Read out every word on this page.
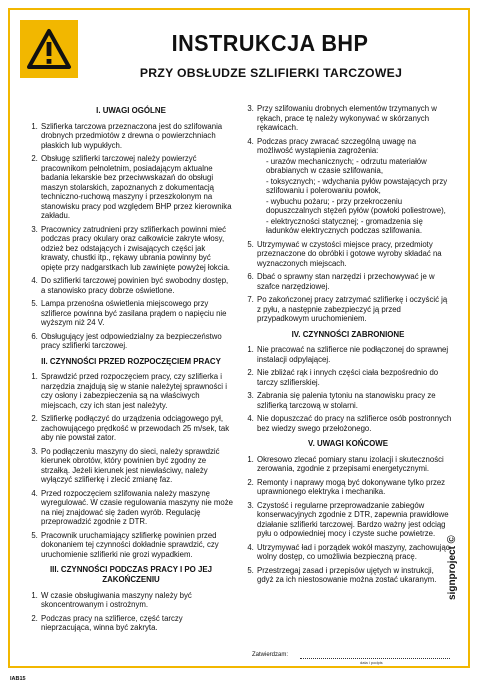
INSTRUKCJA BHP
PRZY OBSŁUDZE SZLIFIERKI TARCZOWEJ
I. UWAGI OGÓLNE
1. Szlifierka tarczowa przeznaczona jest do szlifowania drobnych przedmiotów z drewna o powierzchniach płaskich lub wypukłych.
2. Obsługę szlifierki tarczowej należy powierzyć pracownikom pełnoletnim, posiadającym aktualne badania lekarskie bez przeciwwskazań do obsługi maszyn stolarskich, zapoznanych z dokumentacją techniczno-ruchową maszyny i przeszkolonym na stanowisku pracy pod względem BHP przez kierownika zakładu.
3. Pracownicy zatrudnieni przy szlifierkach powinni mieć podczas pracy okulary oraz całkowicie zakryte włosy, odzież bez odstających i zwisających części jak krawaty, chustki itp., rękawy ubrania powinny być opięte przy nadgarstkach lub zawinięte powyżej łokcia.
4. Do szlifierki tarczowej powinien być swobodny dostęp, a stanowisko pracy dobrze oświetlone.
5. Lampa przenośna oświetlenia miejscowego przy szlifierce powinna być zasilana prądem o napięciu nie wyższym niż 24 V.
6. Obsługujący jest odpowiedzialny za bezpieczeństwo pracy szlifierki tarczowej.
II. CZYNNOŚCI PRZED ROZPOCZĘCIEM PRACY
1. Sprawdzić przed rozpoczęciem pracy, czy szlifierka i narzędzia znajdują się w stanie należytej sprawności i czy osłony i zabezpieczenia są na właściwych miejscach, czy ich stan jest należyty.
2. Szlifierkę podłączyć do urządzenia odciągowego pył, zachowującego prędkość w przewodach 25 m/sek, tak aby nie powstał zator.
3. Po podłączeniu maszyny do sieci, należy sprawdzić kierunek obrotów, który powinien być zgodny ze strzałką. Jeżeli kierunek jest niewłaściwy, należy wyłączyć szlifierkę i zlecić zmianę faz.
4. Przed rozpoczęciem szlifowania należy maszynę wyregulować. W czasie regulowania maszyny nie może na niej znajdować się żaden wyrób. Regulację przeprowadzić zgodnie z DTR.
5. Pracownik uruchamiający szlifierkę powinien przed dokonaniem tej czynności dokładnie sprawdzić, czy uruchomienie szlifierki nie grozi wypadkiem.
III. CZYNNOŚCI PODCZAS PRACY I PO JEJ ZAKOŃCZENIU
1. W czasie obsługiwania maszyny należy być skoncentrowanym i ostrożnym.
2. Podczas pracy na szlifierce, część tarczy nieprzacująca, winna być zakryta.
3. Przy szlifowaniu drobnych elementów trzymanych w rękach, prace tę należy wykonywać w skórzanych rękawicach.
4. Podczas pracy zwracać szczególną uwagę na możliwość wystąpienia zagrożenia:
- urazów mechanicznych; - odrzutu materiałów obrabianych w czasie szlifowania,
- toksycznych; - wdychania pyłów powstających przy szlifowaniu i polerowaniu powłok,
- wybuchu pożaru; - przy przekroczeniu dopuszczalnych stężeń pyłów (powłoki poliestrowe),
- elektryczności statycznej; - gromadzenia się ładunków elektrycznych podczas szlifowania.
5. Utrzymywać w czystości miejsce pracy, przedmioty przeznaczone do obróbki i gotowe wyroby składać na wyznaczonych miejscach.
6. Dbać o sprawny stan narzędzi i przechowywać je w szafce narzędziowej.
7. Po zakończonej pracy zatrzymać szlifierkę i oczyścić ją z pyłu, a następnie zabezpieczyć ją przed przypadkowym uruchomieniem.
IV. CZYNNOŚCI ZABRONIONE
1. Nie pracować na szlifierce nie podłączonej do sprawnej instalacji odpylającej.
2. Nie zbliżać rąk i innych części ciała bezpośrednio do tarczy szlifierskiej.
3. Zabrania się palenia tytoniu na stanowisku pracy ze szlifierką tarczową w stolarni.
4. Nie dopuszczać do pracy na szlifierce osób postronnych bez wiedzy swego przełożonego.
V. UWAGI KOŃCOWE
1. Okresowo zlecać pomiary stanu izolacji i skuteczności zerowania, zgodnie z przepisami energetycznymi.
2. Remonty i naprawy mogą być dokonywane tylko przez uprawnionego elektryka i mechanika.
3. Czystość i regularne przeprowadzanie zabiegów konserwacyjnych zgodnie z DTR, zapewnia prawidłowe działanie szlifierki tarczowej. Bardzo ważny jest odciąg pyłu o odpowiedniej mocy i czyste suche powietrze.
4. Utrzymywać ład i porządek wokół maszyny, zachowując wolny dostęp, co umożliwia bezpieczną pracę.
5. Przestrzegaj zasad i przepisów ujętych w instrukcji, gdyż za ich niestosowanie można zostać ukaranym.
Zatwierdzam:
data i podpis
signproject ©
IAB15
